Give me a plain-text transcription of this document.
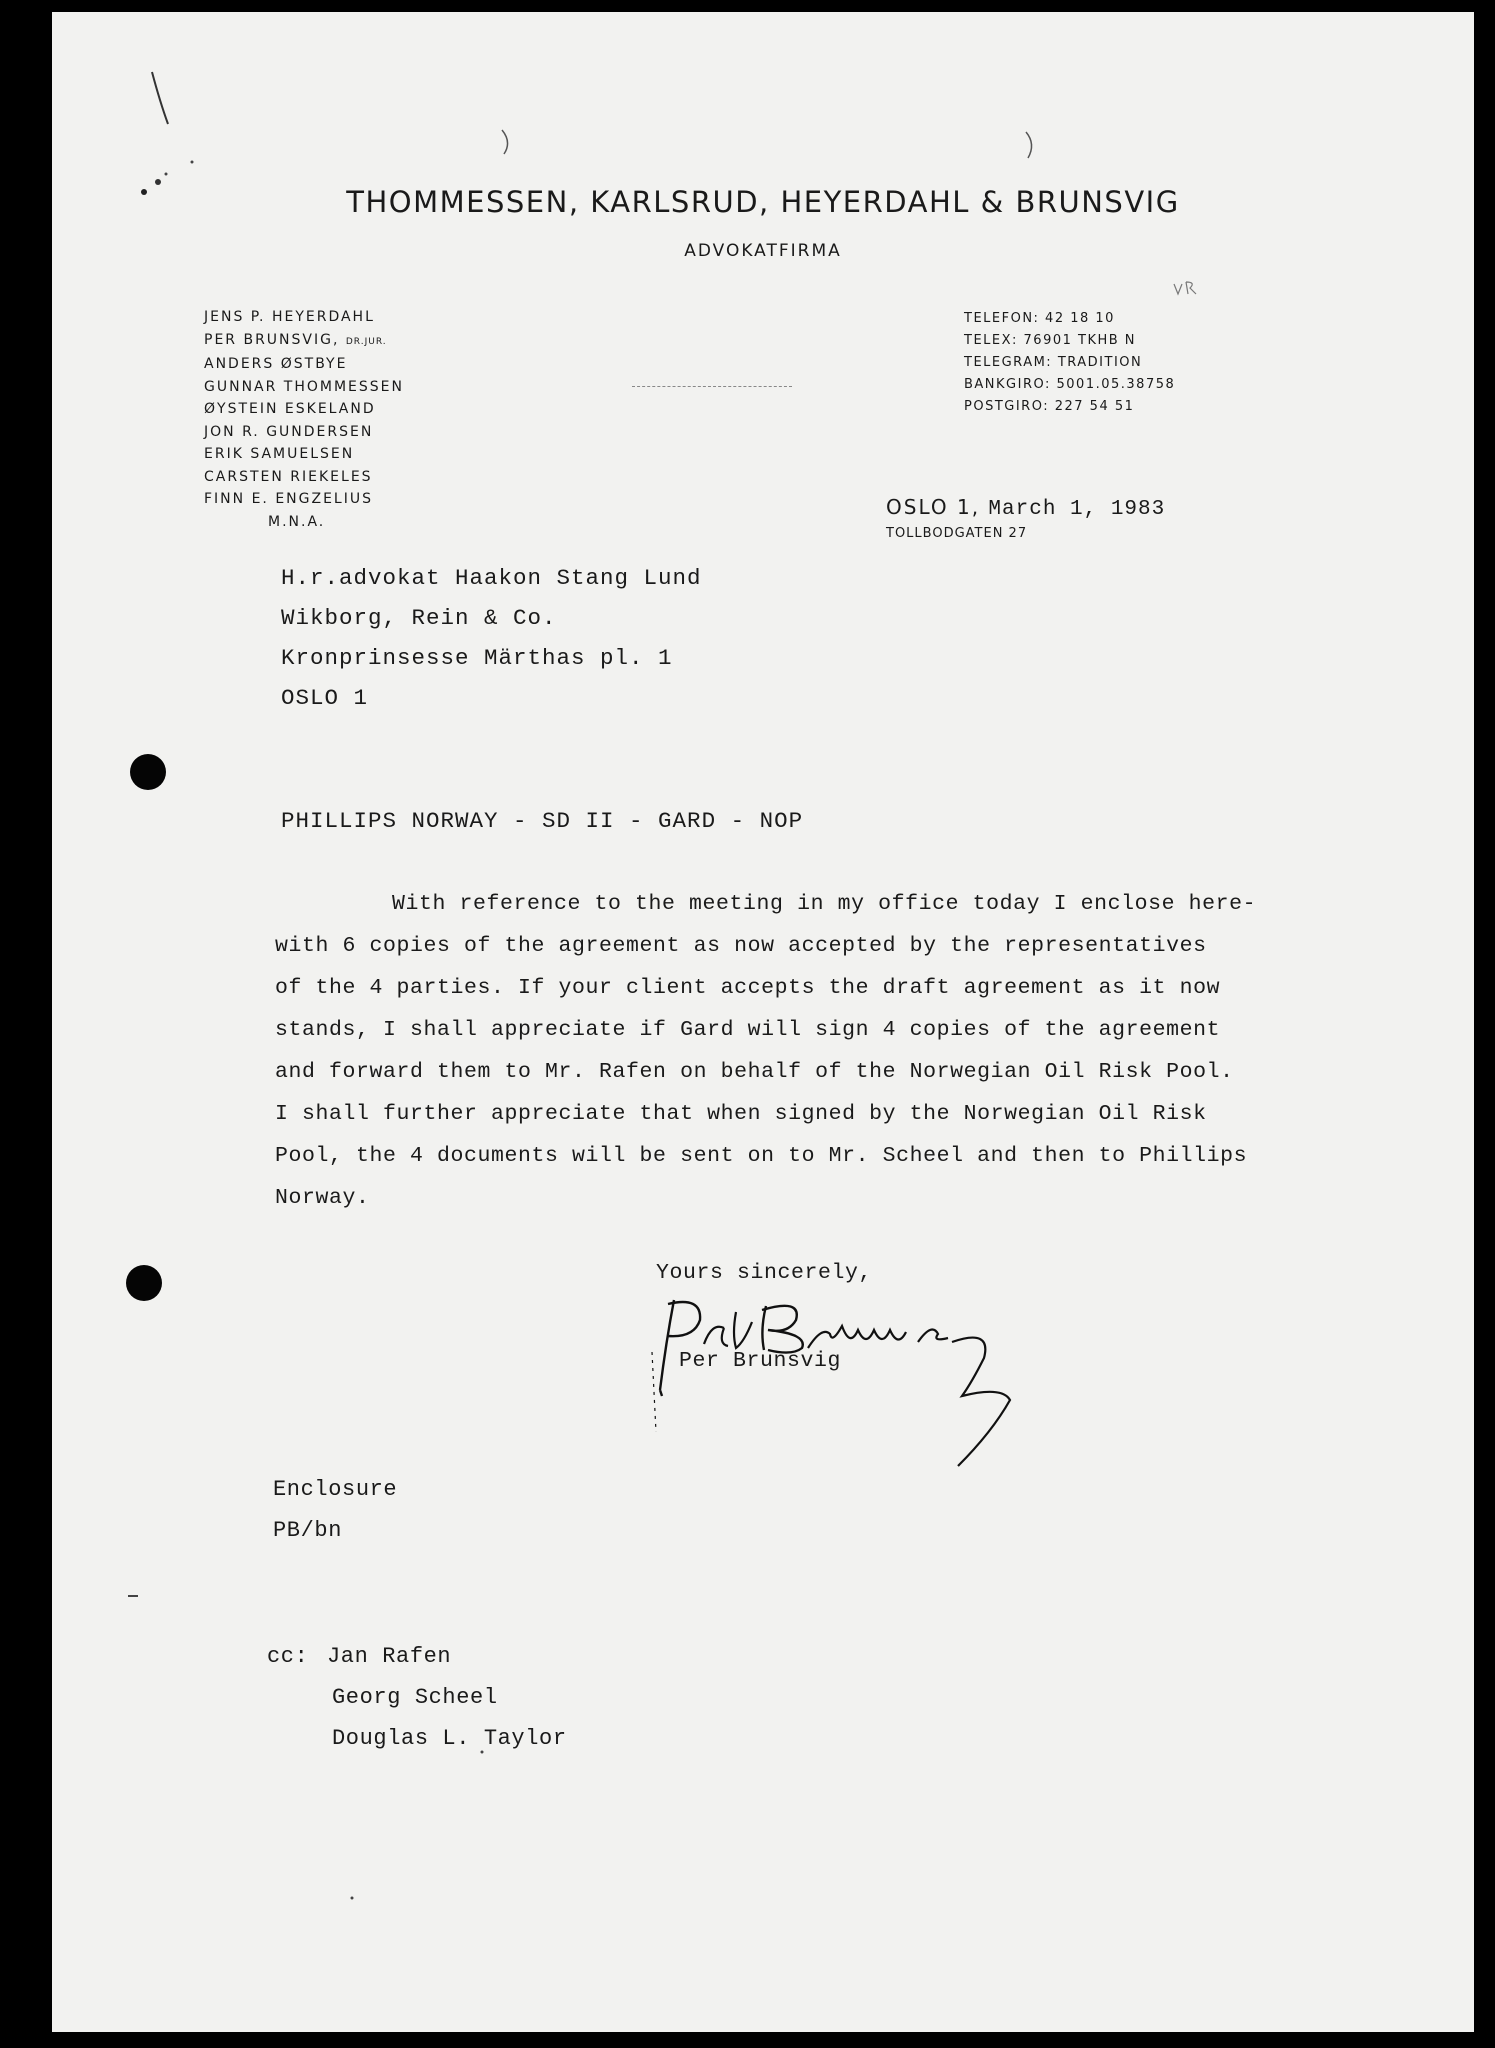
THOMMESSEN, KARLSRUD, HEYERDAHL & BRUNSVIG
ADVOKATFIRMA
JENS P. HEYERDAHL
PER BRUNSVIG, DR.JUR.
ANDERS ØSTBYE
GUNNAR THOMMESSEN
ØYSTEIN ESKELAND
JON R. GUNDERSEN
ERIK SAMUELSEN
CARSTEN RIEKELES
FINN E. ENGZELIUS
M.N.A.
TELEFON: 42 18 10
TELEX: 76901 TKHB N
TELEGRAM: TRADITION
BANKGIRO: 5001.05.38758
POSTGIRO: 227 54 51
OSLO 1, March 1, 1983
TOLLBODGATEN 27
H.r.advokat Haakon Stang Lund
Wikborg, Rein & Co.
Kronprinsesse Märthas pl. 1
OSLO 1
PHILLIPS NORWAY - SD II - GARD - NOP
With reference to the meeting in my office today I enclose here-
with 6 copies of the agreement as now accepted by the representatives
of the 4 parties. If your client accepts the draft agreement as it now
stands, I shall appreciate if Gard will sign 4 copies of the agreement
and forward them to Mr. Rafen on behalf of the Norwegian Oil Risk Pool.
I shall further appreciate that when signed by the Norwegian Oil Risk
Pool, the 4 documents will be sent on to Mr. Scheel and then to Phillips
Norway.
Yours sincerely,
Per Brunsvig
Enclosure
PB/bn
cc: Jan Rafen
Georg Scheel
Douglas L. Taylor
